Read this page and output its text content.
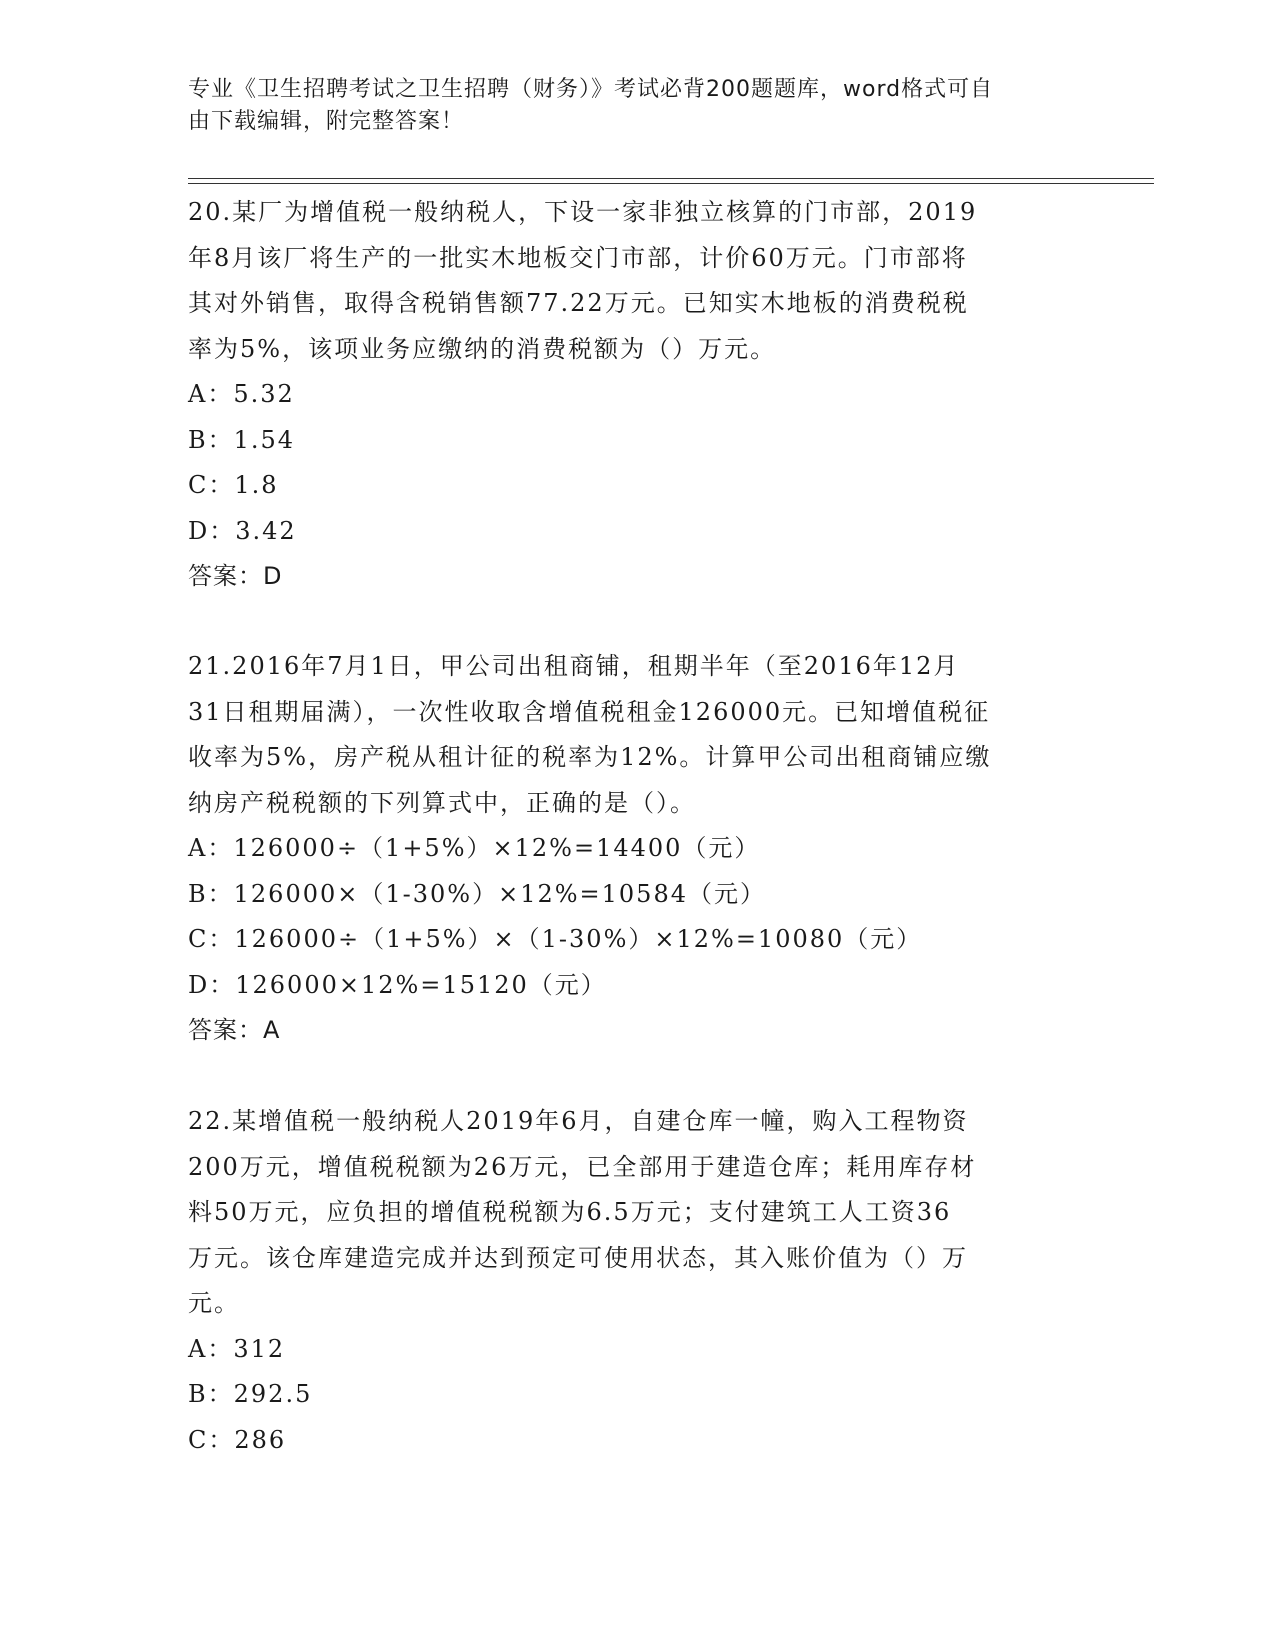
专业《卫生招聘考试之卫生招聘（财务）》考试必背200题题库，word格式可自
由下载编辑，附完整答案！

20.某厂为增值税一般纳税人，下设一家非独立核算的门市部，2019

年8月该厂将生产的一批实木地板交门市部，计价60万元。门市部将

其对外销售，取得含税销售额77.22万元。已知实木地板的消费税税

率为5%，该项业务应缴纳的消费税额为（）万元。

A：5.32

B：1.54

C：1.8

D：3.42

答案：D

21.2016年7月1日，甲公司出租商铺，租期半年（至2016年12月

31日租期届满），一次性收取含增值税租金126000元。已知增值税征

收率为5%，房产税从租计征的税率为12%。计算甲公司出租商铺应缴

纳房产税税额的下列算式中，正确的是（）。

A：126000÷（1+5%）×12%=14400（元）

B：126000×（1-30%）×12%=10584（元）

C：126000÷（1+5%）×（1-30%）×12%=10080（元）

D：126000×12%=15120（元）

答案：A

22.某增值税一般纳税人2019年6月，自建仓库一幢，购入工程物资

200万元，增值税税额为26万元，已全部用于建造仓库；耗用库存材

料50万元，应负担的增值税税额为6.5万元；支付建筑工人工资36

万元。该仓库建造完成并达到预定可使用状态，其入账价值为（）万

元。

A：312

B：292.5

C：286
